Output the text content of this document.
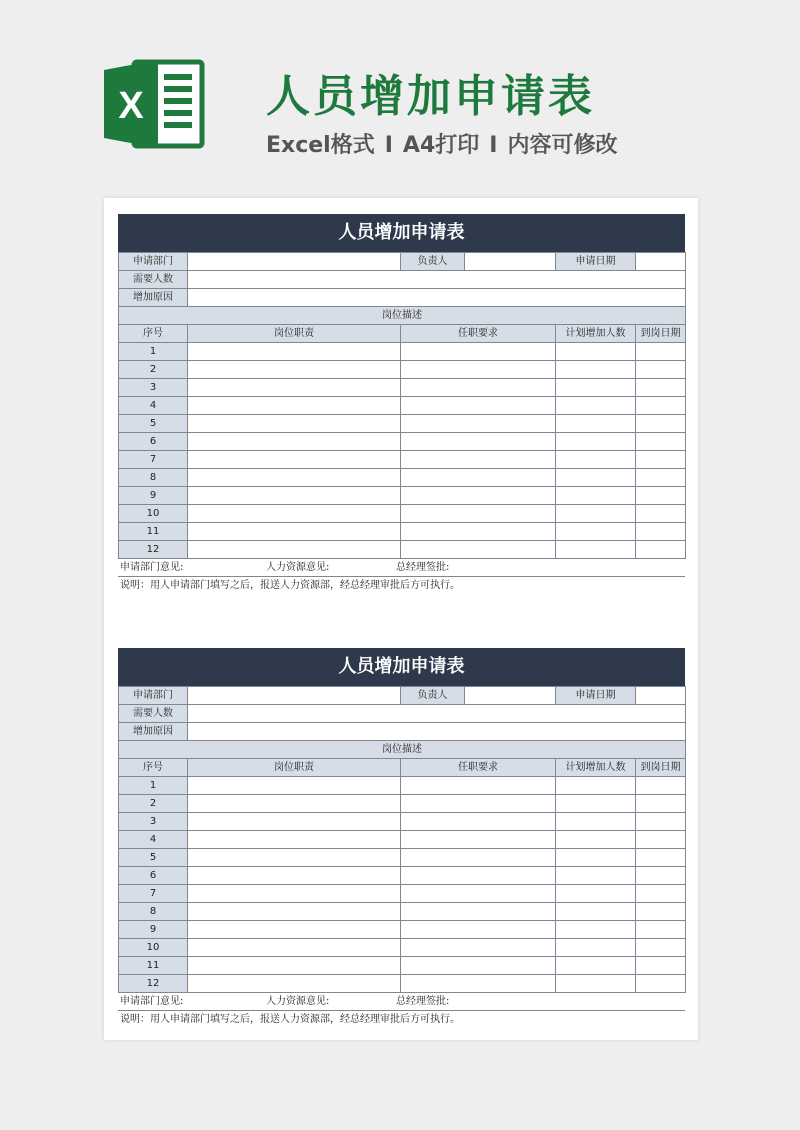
X	人员增加申请表
Excel格式 I A4打印 I 内容可修改
人员增加申请表
申请部门		负责人		申请日期	
需要人数					
增加原因					
岗位描述					
序号	岗位职责	任职要求		计划增加人数	到岗日期
1					
2					
3					
4					
5					
6					
7					
8					
9					
10					
11					
12					
申请部门意见:	人力资源意见:	总经理签批:
说明：用人申请部门填写之后，报送人力资源部，经总经理审批后方可执行。
人员增加申请表
申请部门		负责人		申请日期	
需要人数					
增加原因					
岗位描述					
序号	岗位职责	任职要求		计划增加人数	到岗日期
1					
2					
3					
4					
5					
6					
7					
8					
9					
10					
11					
12					
申请部门意见:	人力资源意见:	总经理签批:
说明：用人申请部门填写之后，报送人力资源部，经总经理审批后方可执行。
